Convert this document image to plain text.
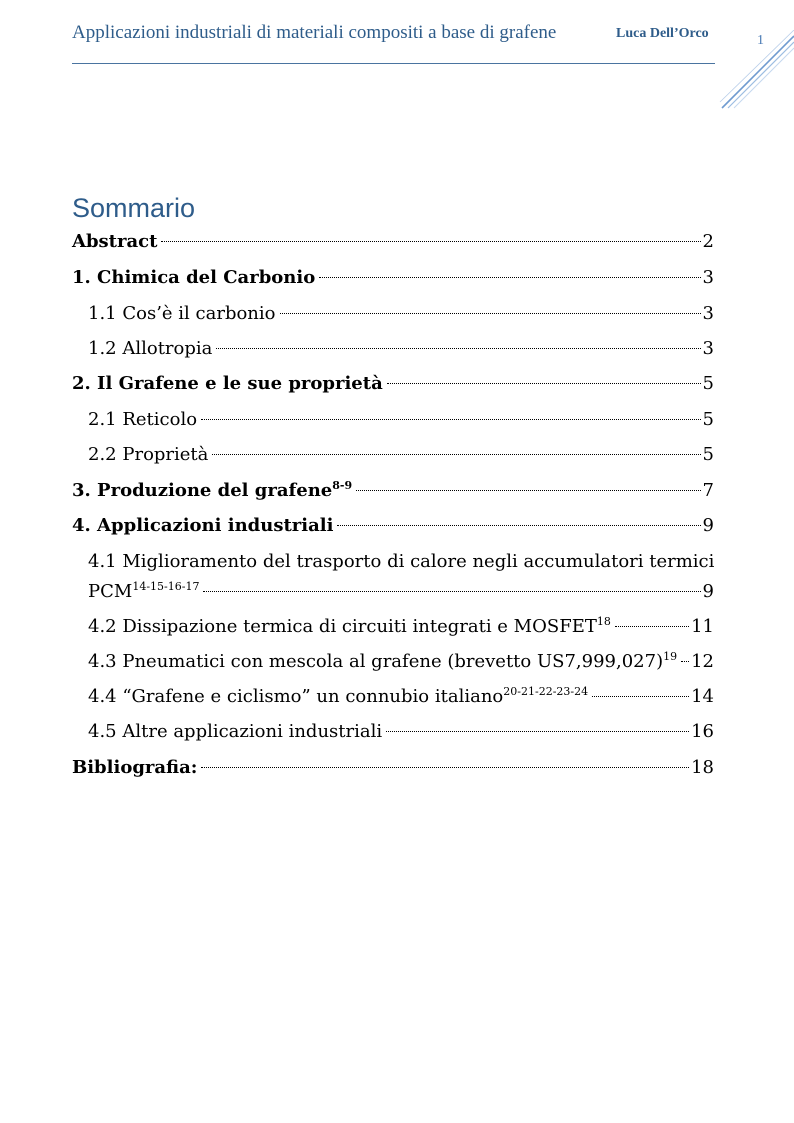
Applicazioni industriali di materiali compositi a base di grafene	Luca Dell’Orco	1
Sommario
Abstract	2
1. Chimica del Carbonio	3
1.1 Cos’è il carbonio	3
1.2 Allotropia	3
2. Il Grafene e le sue proprietà	5
2.1 Reticolo	5
2.2 Proprietà	5
3. Produzione del grafene$^{8-9}$	7
4. Applicazioni industriali	9
4.1 Miglioramento del trasporto di calore negli accumulatori termici
PCM$^{14-15-16-17}$	9
4.2 Dissipazione termica di circuiti integrati e MOSFET$^{18}$	11
4.3 Pneumatici con mescola al grafene (brevetto US7,999,027)$^{19}$ 12
4.4 “Grafene e ciclismo” un connubio italiano$^{20-21-22-23-24}$	14
4.5 Altre applicazioni industriali	16
Bibliografia:	18
